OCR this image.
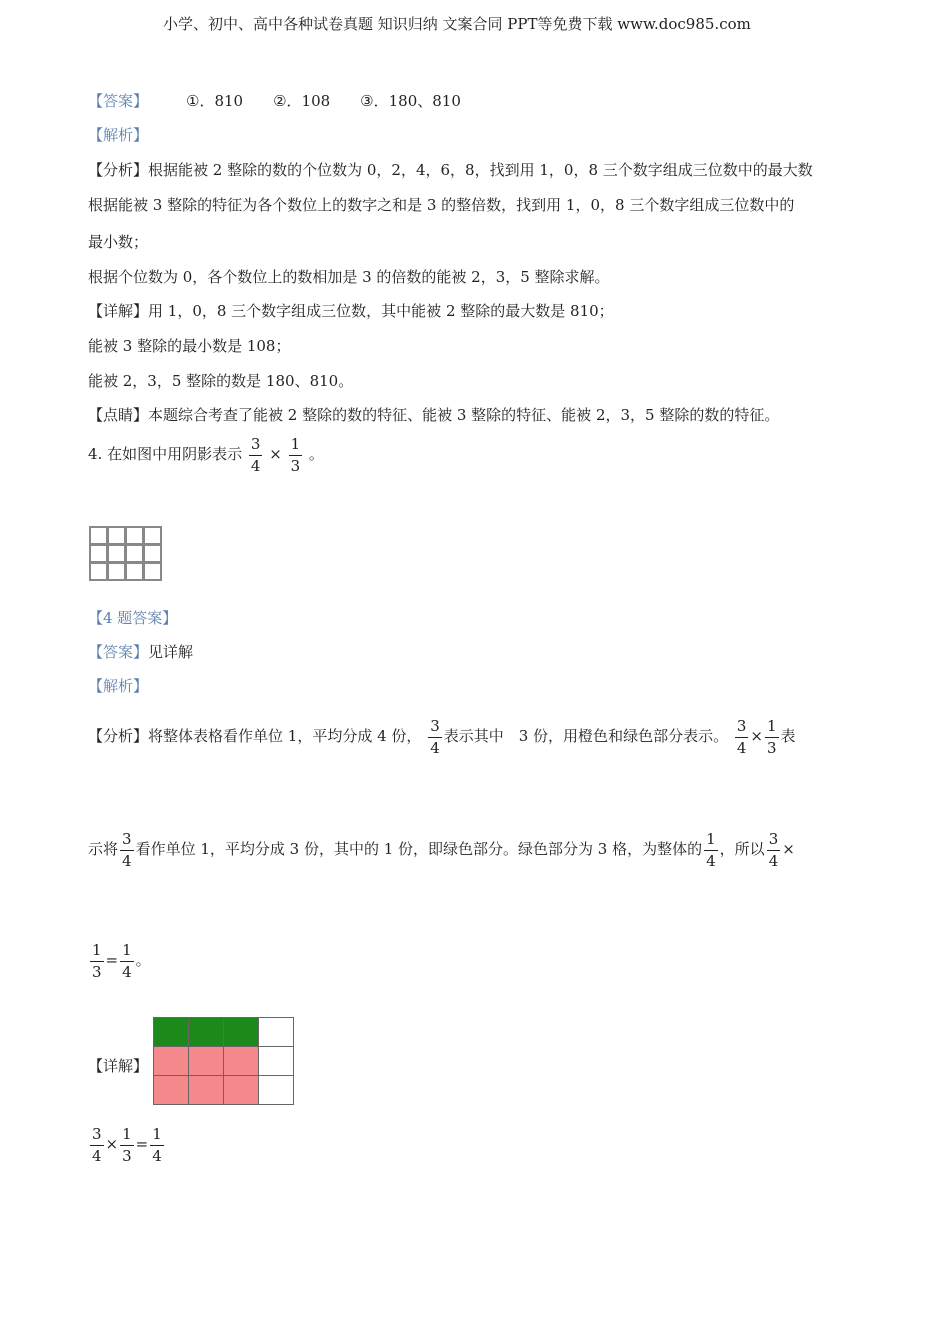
小学、初中、高中各种试卷真题 知识归纳 文案合同 PPT等免费下载 www.doc985.com
【答案】	①．810　　②．108　　③．180、810
【解析】
【分析】根据能被 2 整除的数的个位数为 0，2，4，6，8，找到用 1，0，8 三个数字组成三位数中的最大数
根据能被 3 整除的特征为各个数位上的数字之和是 3 的整倍数，找到用 1，0，8 三个数字组成三位数中的
最小数；
根据个位数为 0，各个数位上的数相加是 3 的倍数的能被 2，3，5 整除求解。
【详解】用 1，0，8 三个数字组成三位数，其中能被 2 整除的最大数是 810；
能被 3 整除的最小数是 108；
能被 2，3，5 整除的数是 180、810。
【点睛】本题综合考查了能被 2 整除的数的特征、能被 3 整除的特征、能被 2，3，5 整除的数的特征。
4. 在如图中用阴影表示 $\frac{3}{4} \times \frac{1}{3}$ 。
【4 题答案】
【答案】见详解
【解析】
【分析】将整体表格看作单位 1，平均分成 4 份， $\frac{3}{4}$ 表示其中　3 份，用橙色和绿色部分表示。 $\frac{3}{4} \times \frac{1}{3}$ 表
示将 $\frac{3}{4}$ 看作单位 1，平均分成 3 份，其中的 1 份，即绿色部分。绿色部分为 3 格，为整体的 $\frac{1}{4}$ ，所以 $\frac{3}{4}$ ×
$\frac{1}{3} = \frac{1}{4}$ 。
【详解】
$\frac{3}{4} \times \frac{1}{3} = \frac{1}{4}$
